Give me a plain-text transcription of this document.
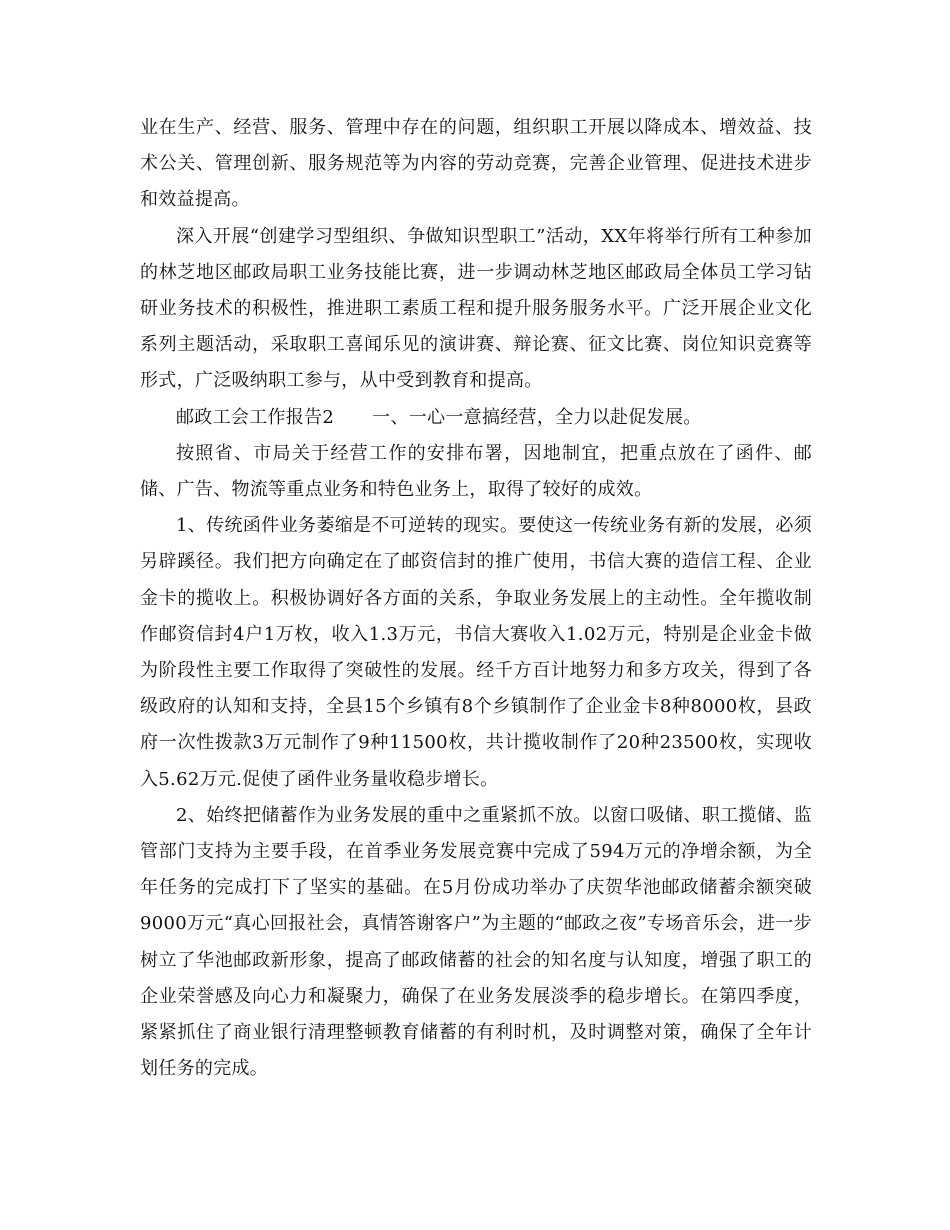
业在生产、经营、服务、管理中存在的问题，组织职工开展以降成本、增效益、技术公关、管理创新、服务规范等为内容的劳动竞赛，完善企业管理、促进技术进步和效益提高。

深入开展“创建学习型组织、争做知识型职工”活动，XX年将举行所有工种参加的林芝地区邮政局职工业务技能比赛，进一步调动林芝地区邮政局全体员工学习钻研业务技术的积极性，推进职工素质工程和提升服务服务水平。广泛开展企业文化系列主题活动，采取职工喜闻乐见的演讲赛、辩论赛、征文比赛、岗位知识竞赛等形式，广泛吸纳职工参与，从中受到教育和提高。

邮政工会工作报告2 一、一心一意搞经营，全力以赴促发展。

按照省、市局关于经营工作的安排布署，因地制宜，把重点放在了函件、邮储、广告、物流等重点业务和特色业务上，取得了较好的成效。

1、传统函件业务萎缩是不可逆转的现实。要使这一传统业务有新的发展，必须另辟蹊径。我们把方向确定在了邮资信封的推广使用，书信大赛的造信工程、企业金卡的揽收上。积极协调好各方面的关系，争取业务发展上的主动性。全年揽收制作邮资信封4户1万枚，收入1.3万元，书信大赛收入1.02万元，特别是企业金卡做为阶段性主要工作取得了突破性的发展。经千方百计地努力和多方攻关，得到了各级政府的认知和支持，全县15个乡镇有8个乡镇制作了企业金卡8种8000枚，县政府一次性拨款3万元制作了9种11500枚，共计揽收制作了20种23500枚，实现收入5.62万元.促使了函件业务量收稳步增长。

2、始终把储蓄作为业务发展的重中之重紧抓不放。以窗口吸储、职工揽储、监管部门支持为主要手段，在首季业务发展竞赛中完成了594万元的净增余额，为全年任务的完成打下了坚实的基础。在5月份成功举办了庆贺华池邮政储蓄余额突破9000万元“真心回报社会，真情答谢客户”为主题的“邮政之夜”专场音乐会，进一步树立了华池邮政新形象，提高了邮政储蓄的社会的知名度与认知度，增强了职工的企业荣誉感及向心力和凝聚力，确保了在业务发展淡季的稳步增长。在第四季度，紧紧抓住了商业银行清理整顿教育储蓄的有利时机，及时调整对策，确保了全年计划任务的完成。
